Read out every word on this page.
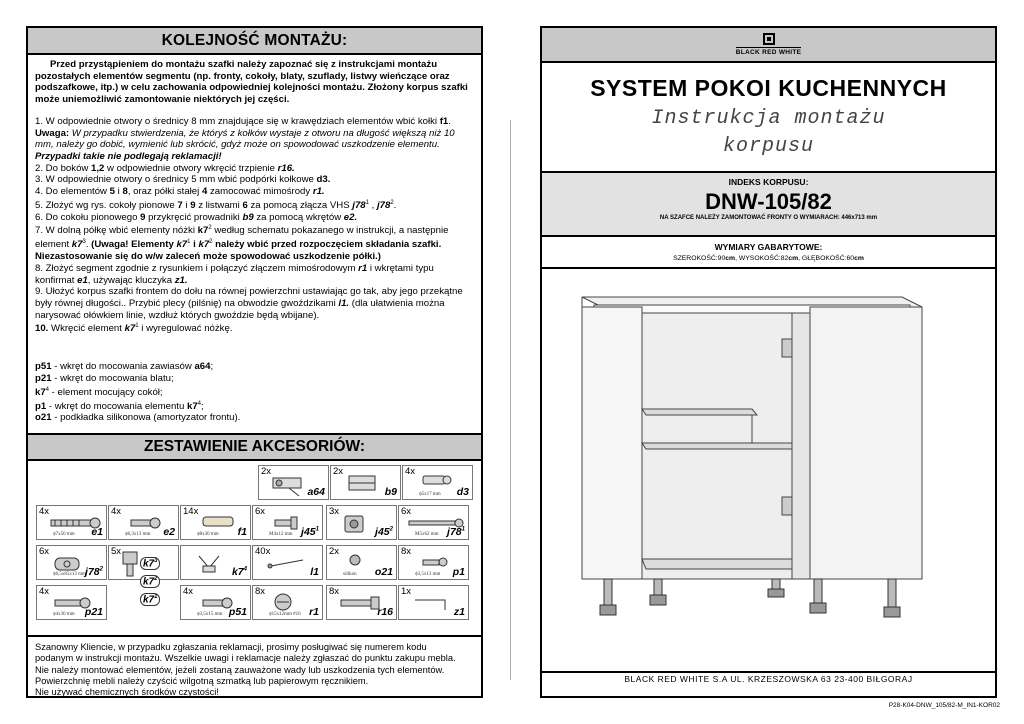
KOLEJNOŚĆ MONTAŻU:

Przed przystąpieniem do montażu szafki należy zapoznać się z instrukcjami montażu pozostałych elementów segmentu (np. fronty, cokoły, blaty, szuflady, listwy wieńczące oraz podszafkowe, itp.) w celu zachowania odpowiedniej kolejności montażu. Złożony korpus szafki może uniemożliwić zamontowanie niektórych jej części.

1. W odpowiednie otwory o średnicy 8 mm znajdujące się w krawędziach elementów wbić kołki f1. Uwaga: W przypadku stwierdzenia, że któryś z kołków wystaje z otworu na długość większą niż 10 mm, należy go dobić, wymienić lub skrócić, gdyż może on spowodować uszkodzenie elementu. Przypadki takie nie podlegają reklamacji!

2. Do boków 1,2 w odpowiednie otwory wkręcić trzpienie r16.

3. W odpowiednie otwory o średnicy 5 mm wbić podpórki kołkowe d3.

4. Do elementów 5 i 8, oraz półki stałej 4 zamocować mimośrody r1.

5. Złożyć wg rys. cokoły pionowe 7 i 9 z listwami 6 za pomocą złącza VHS $j78^1$ , $j78^2$.

6. Do cokołu pionowego 9 przykręcić prowadniki b9 za pomocą wkrętów e2.

7. W dolną półkę wbić elementy nóżki $k7^2$ według schematu pokazanego w instrukcji, a następnie element $k7^3$. (Uwaga! Elementy $k7^1$ i $k7^2$ należy wbić przed rozpoczęciem składania szafki. Niezastosowanie się do w/w zaleceń może spowodować uszkodzenie półki.)

8. Złożyć segment zgodnie z rysunkiem i połączyć złączem mimośrodowym r1 i wkrętami typu konfirmat e1, używając kluczyka z1.

9. Ułożyć korpus szafki frontem do dołu na równej powierzchni ustawiając go tak, aby jego przekątne były równej długości.. Przybić plecy (pilśnię) na obwodzie gwoździkami l1. (dla ułatwienia można narysować ołówkiem linie, wzdłuż których gwoździe będą wbijane).

10. Wkręcić element $k7^1$ i wyregulować nóżkę.

p51 - wkręt do mocowania zawiasów a64;

p21 - wkręt do mocowania blatu;

$k7^4$ - element mocujący cokół;

p1 - wkręt do mocowania elementu $k7^4$;

o21 - podkładka silikonowa (amortyzator frontu).

ZESTAWIENIE AKCESORIÓW:
2x
a64
2x
b9
4x
ϕ5x17 mm d3
4x
ϕ7x50 mm e1
4x
ϕ6,3x13 mm e2
14x
ϕ8x30 mm f1
6x
M4x12 mm $j45^1$
3x
$j45^2$
6x
M5x62 mm $j78^1$
6x
ϕ6,5x85x13 mm $j78^2$
5x
$k7^4$
40x
l1
2x
silikon o21
8x
ϕ3,5x13 mm p1
4x
ϕ4x30 mm p21
4x
ϕ3,5x15 mm p51
8x
ϕ15x12mm #16 r1
8x
r16
1x
z1
$k7^3$
$k7^2$
$k7^1$

Szanowny Kliencie, w przypadku zgłaszania reklamacji, prosimy posługiwać się numerem kodu

podanym w instrukcji montażu. Wszelkie uwagi i reklamacje należy zgłaszać do punktu zakupu mebla.

Nie należy montować elementów, jeżeli zostaną zauważone wady lub uszkodzenia tych elementów.

Powierzchnię mebli należy czyścić wilgotną szmatką lub papierowym ręcznikiem.

Nie używać chemicznych środków czystości!

BLACK RED WHITE
SYSTEM POKOI KUCHENNYCH
Instrukcja montażu
korpusu
INDEKS KORPUSU:
DNW-105/82
NA SZAFCE NALEŻY ZAMONTOWAĆ FRONTY O WYMIARACH: 446x713 mm
WYMIARY GABARYTOWE:
SZEROKOŚĆ:90cm, WYSOKOŚĆ:82cm, GŁĘBOKOŚĆ:60cm
BLACK RED WHITE S.A UL. KRZESZOWSKA 63 23-400 BIŁGORAJ
P28-K04-DNW_105/82-M_IN1-KOR02
